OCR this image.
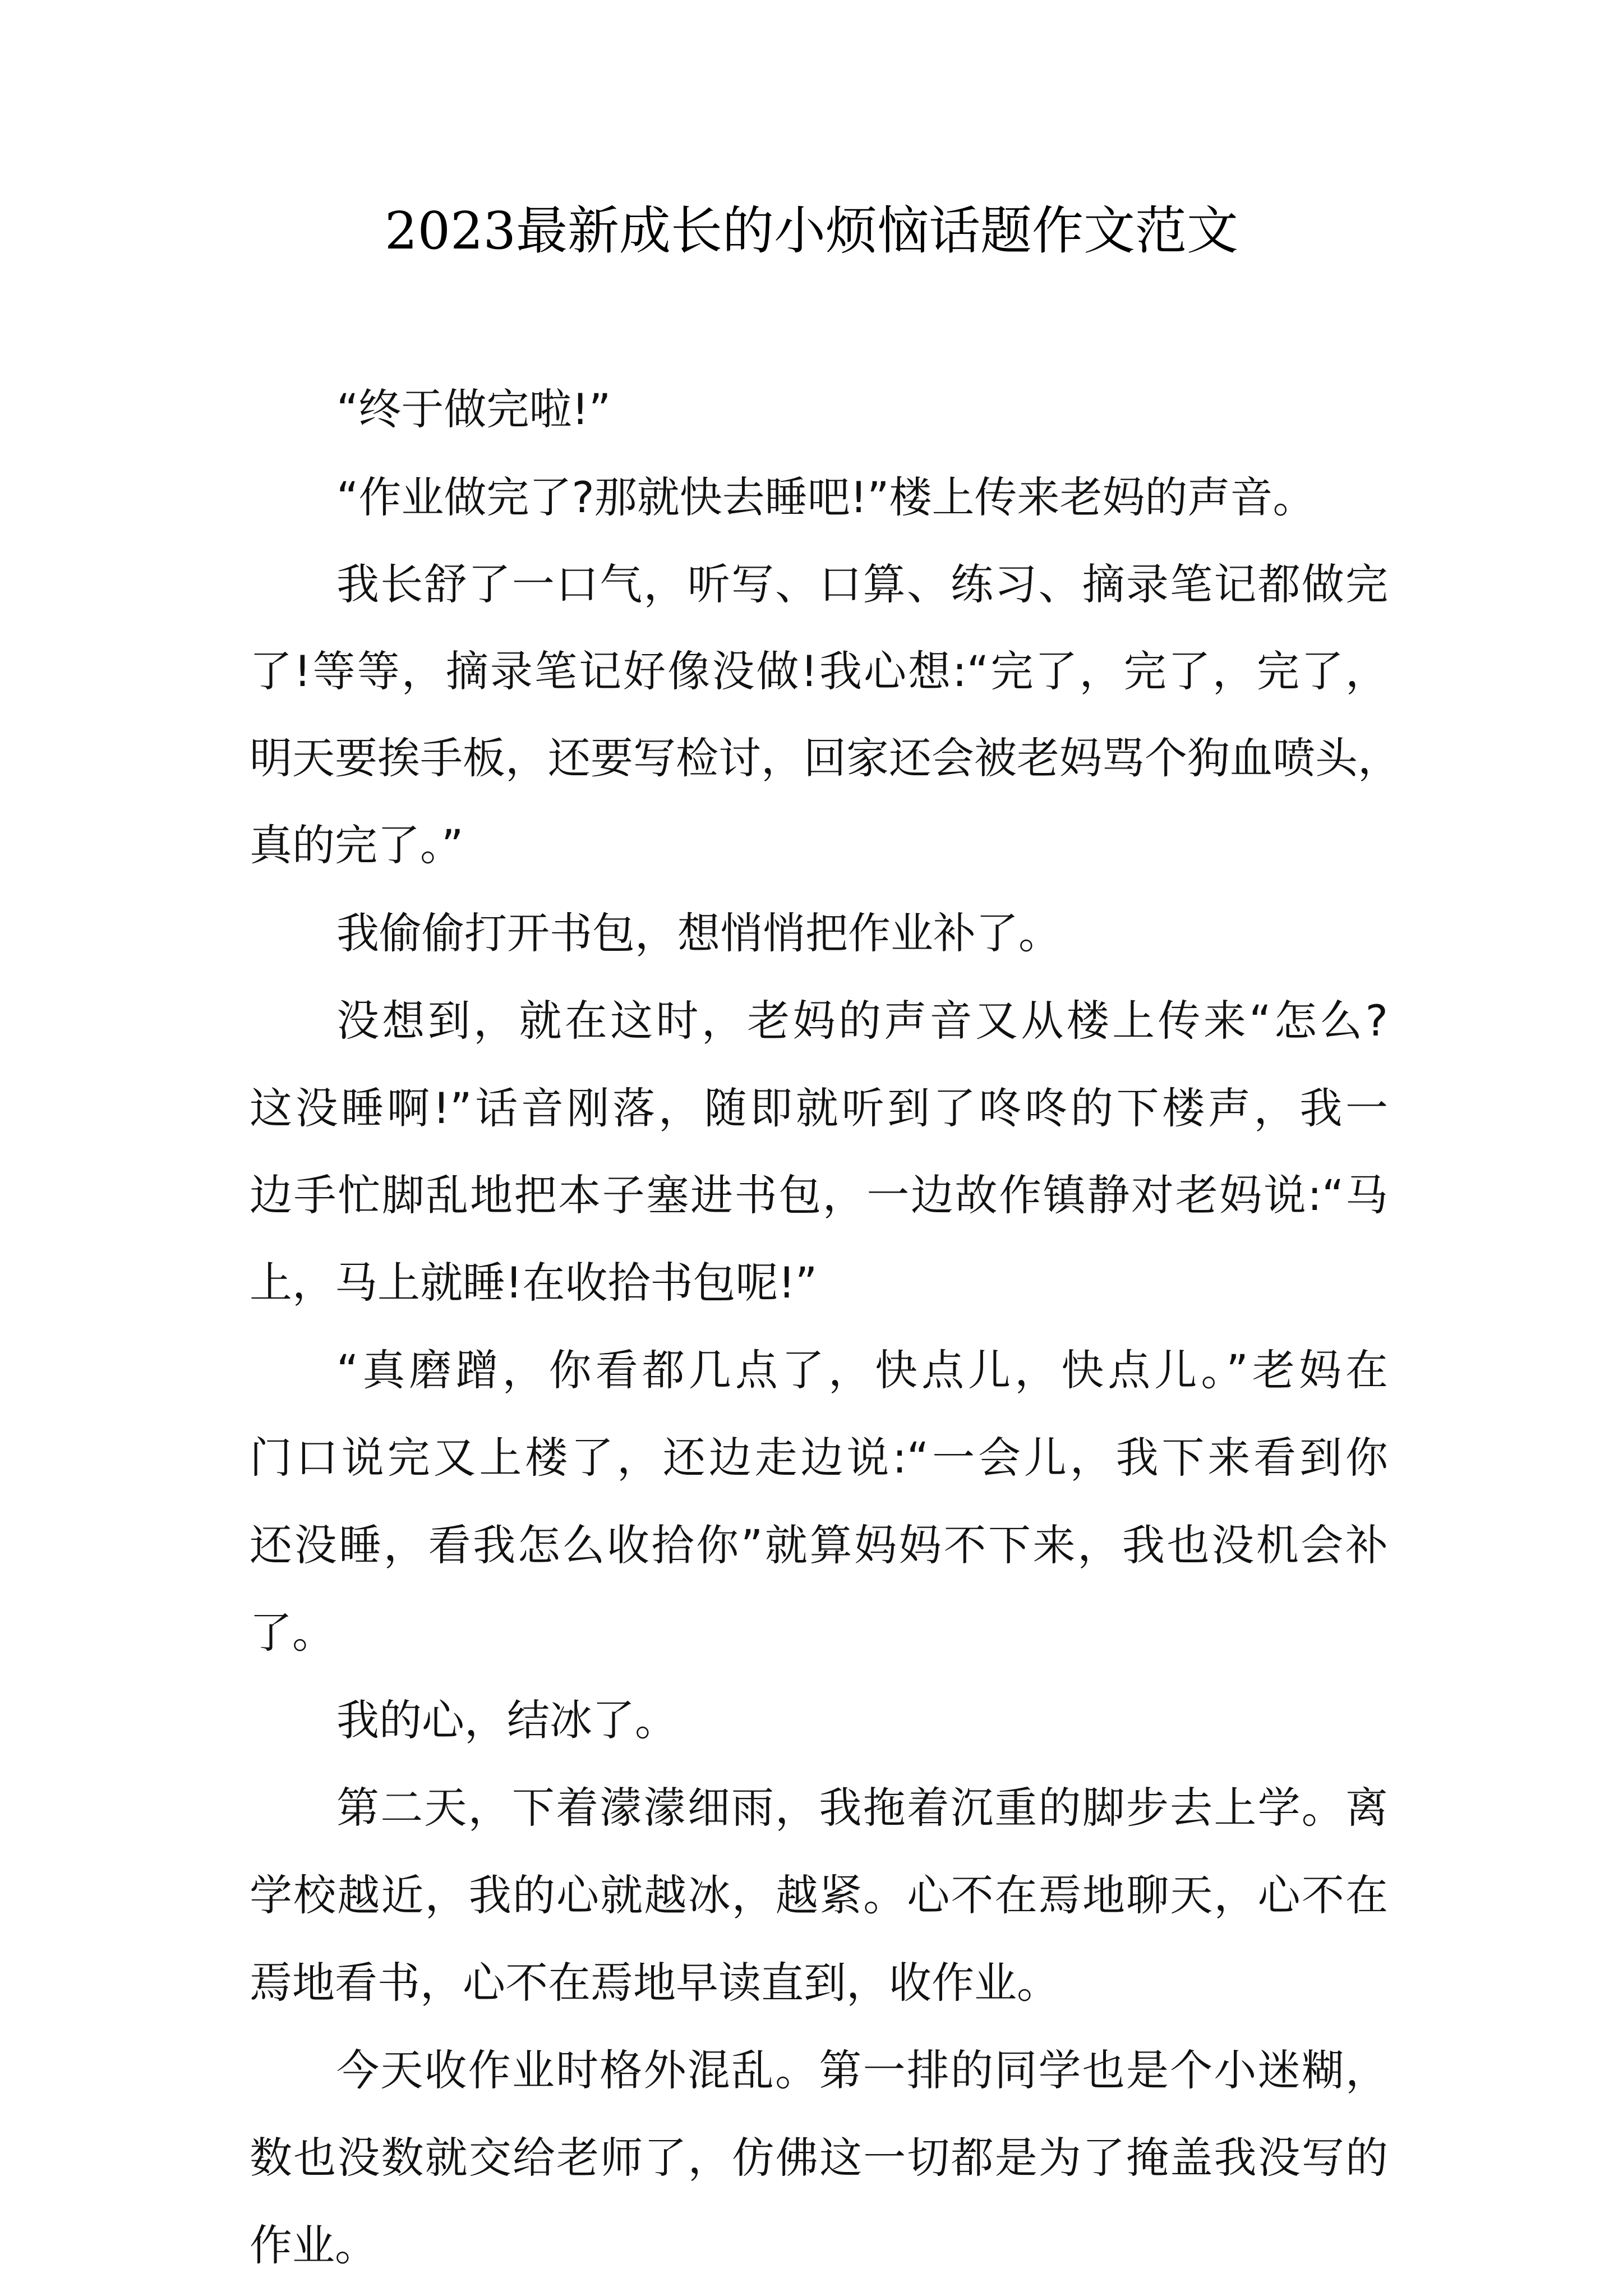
2023最新成长的小烦恼话题作文范文
“终于做完啦!”
“作业做完了?那就快去睡吧!”楼上传来老妈的声音。
我长舒了一口气，听写、口算、练习、摘录笔记都做完
了!等等，摘录笔记好像没做!我心想:“完了，完了，完了，
明天要挨手板，还要写检讨，回家还会被老妈骂个狗血喷头，
真的完了。”
我偷偷打开书包，想悄悄把作业补了。
没想到，就在这时，老妈的声音又从楼上传来“怎么?
这没睡啊!”话音刚落，随即就听到了咚咚的下楼声，我一
边手忙脚乱地把本子塞进书包，一边故作镇静对老妈说:“马
上，马上就睡!在收拾书包呢!”
“真磨蹭，你看都几点了，快点儿，快点儿。”老妈在
门口说完又上楼了，还边走边说:“一会儿，我下来看到你
还没睡，看我怎么收拾你”就算妈妈不下来，我也没机会补
了。
我的心，结冰了。
第二天，下着濛濛细雨，我拖着沉重的脚步去上学。离
学校越近，我的心就越冰，越紧。心不在焉地聊天，心不在
焉地看书，心不在焉地早读直到，收作业。
今天收作业时格外混乱。第一排的同学也是个小迷糊，
数也没数就交给老师了，仿佛这一切都是为了掩盖我没写的
作业。
